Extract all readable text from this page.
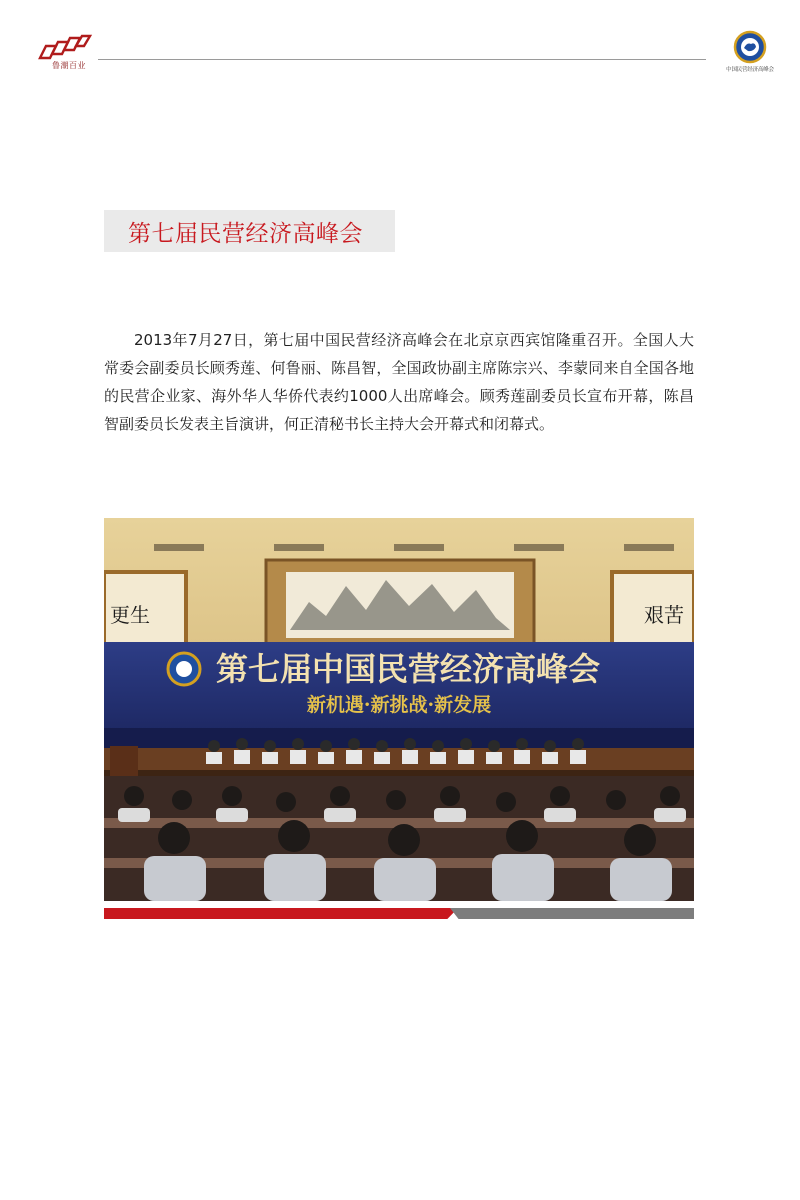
鲁潮百业	中国民营经济高峰会
第七届民营经济高峰会

2013年7月27日，第七届中国民营经济高峰会在北京京西宾馆隆重召开。全国人大常委会副委员长顾秀莲、何鲁丽、陈昌智，全国政协副主席陈宗兴、李蒙同来自全国各地的民营企业家、海外华人华侨代表约1000人出席峰会。顾秀莲副委员长宣布开幕，陈昌智副委员长发表主旨演讲，何正清秘书长主持大会开幕式和闭幕式。

更生	艰苦
第七届中国民营经济高峰会
新机遇·新挑战·新发展
